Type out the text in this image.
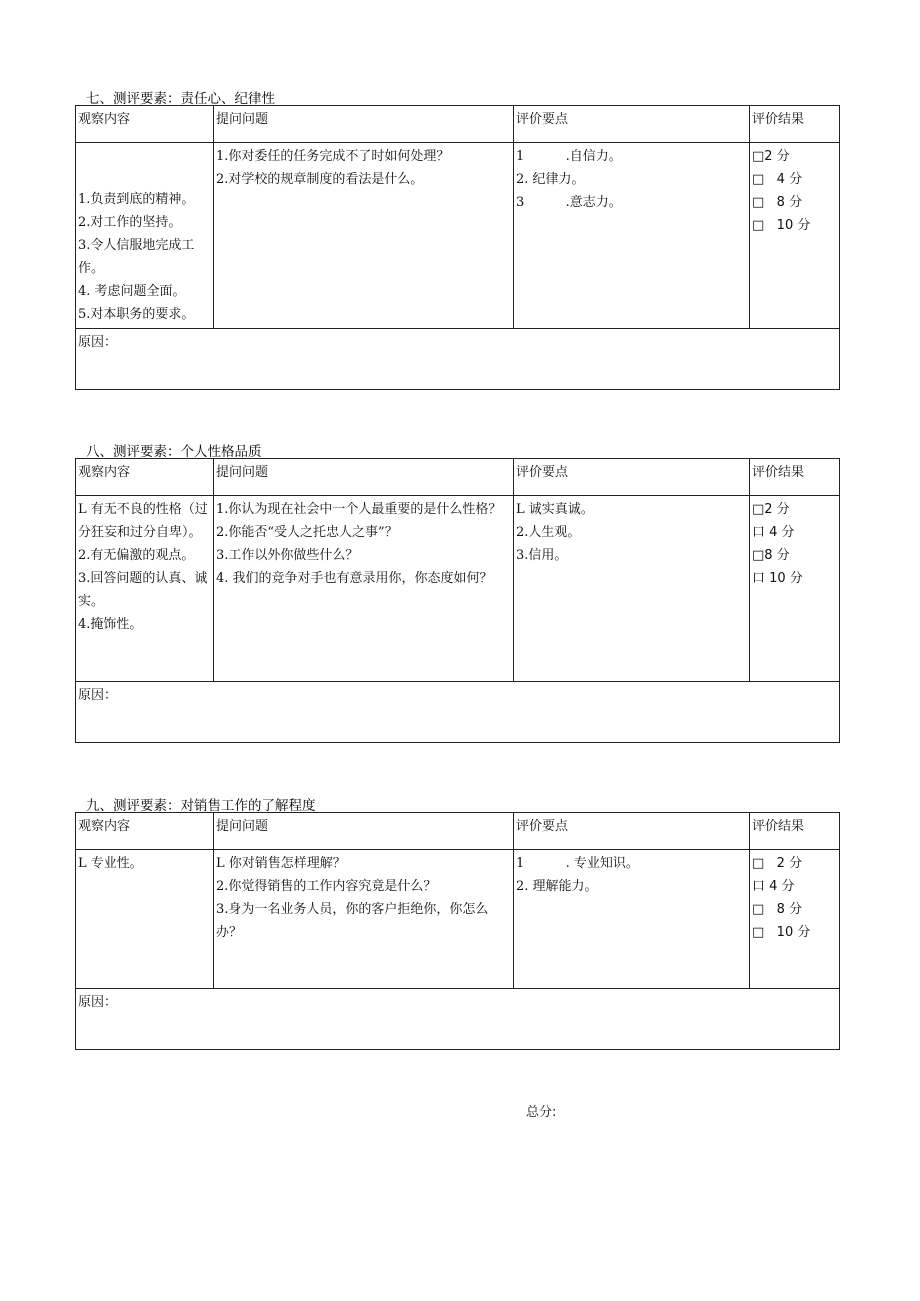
七、测评要素：责任心、纪律性
观察内容	提问问题	评价要点	评价结果

1.负责到底的精神。
2.对工作的坚持。
3.令人信服地完成工作。
4. 考虑问题全面。
5.对本职务的要求。	1.你对委任的任务完成不了时如何处理？
2.对学校的规章制度的看法是什么。	1          .自信力。
2. 纪律力。
3          .意志力。	□2 分
□   4 分
□   8 分
□   10 分

原因：			
八、测评要素：个人性格品质
观察内容	提问问题	评价要点	评价结果

L 有无不良的性格（过分狂妄和过分自卑）。
2.有无偏激的观点。
3.回答问题的认真、诚实。
4.掩饰性。	1.你认为现在社会中一个人最重要的是什么性格？
2.你能否“受人之托忠人之事”？
3.工作以外你做些什么？
4. 我们的竞争对手也有意录用你，你态度如何？	L 诚实真诚。
2.人生观。
3.信用。	□2 分
口 4 分
□8 分
口 10 分

原因：			
九、测评要素：对销售工作的了解程度
观察内容	提问问题	评价要点	评价结果

L 专业性。	L 你对销售怎样理解？
2.你觉得销售的工作内容究竟是什么？
3.身为一名业务人员，你的客户拒绝你，你怎么办？	1          . 专业知识。
2. 理解能力。	□   2 分
口 4 分
□   8 分
□   10 分

原因：			
总分:
